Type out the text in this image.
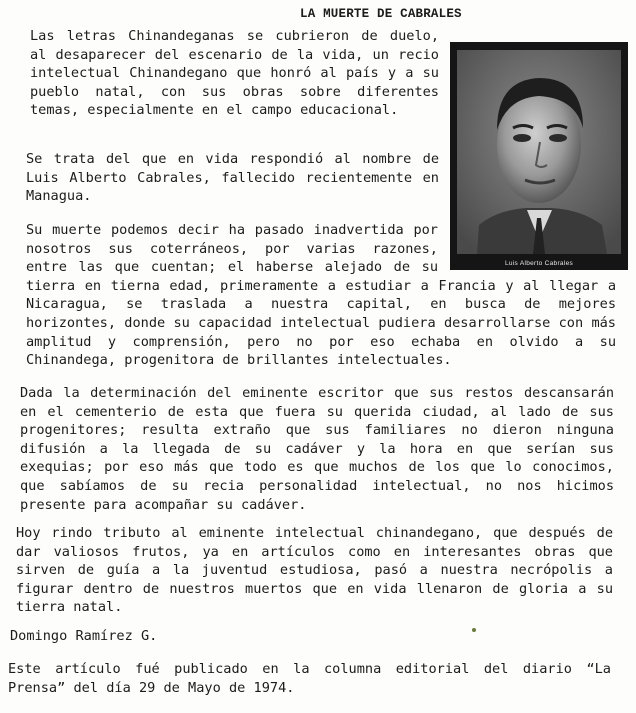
LA MUERTE DE CABRALES
Luis Alberto Cabrales

Las letras Chinandeganas se cubrieron de duelo, al desaparecer del escenario de la vida, un recio intelectual Chinandegano que honró al país y a su pueblo natal, con sus obras sobre diferentes temas, especialmente en el campo educacional.

Se trata del que en vida respondió al nombre de Luis Alberto Cabrales, fallecido recientemente en Managua.

Su muerte podemos decir ha pasado inadvertida por nosotros sus coterráneos, por varias razones, entre las que cuentan; el haberse alejado de su tierra en tierna edad, primeramente a estudiar a Francia y al llegar a Nicaragua, se traslada a nuestra capital, en busca de mejores horizontes, donde su capacidad intelectual pudiera desarrollarse con más amplitud y comprensión, pero no por eso echaba en olvido a su Chinandega, progenitora de brillantes intelectuales.

Dada la determinación del eminente escritor que sus restos descansarán en el cementerio de esta que fuera su querida ciudad, al lado de sus progenitores; resulta extraño que sus familiares no dieron ninguna difusión a la llegada de su cadáver y la hora en que serían sus exequias; por eso más que todo es que muchos de los que lo conocimos, que sabíamos de su recia personalidad intelectual, no nos hicimos presente para acompañar su cadáver.

Hoy rindo tributo al eminente intelectual chinandegano, que después de dar valiosos frutos, ya en artículos como en interesantes obras que sirven de guía a la juventud estudiosa, pasó a nuestra necrópolis a figurar dentro de nuestros muertos que en vida llenaron de gloria a su tierra natal.

Domingo Ramírez G.

Este artículo fué publicado en la columna editorial del diario “La Prensa” del día 29 de Mayo de 1974.
